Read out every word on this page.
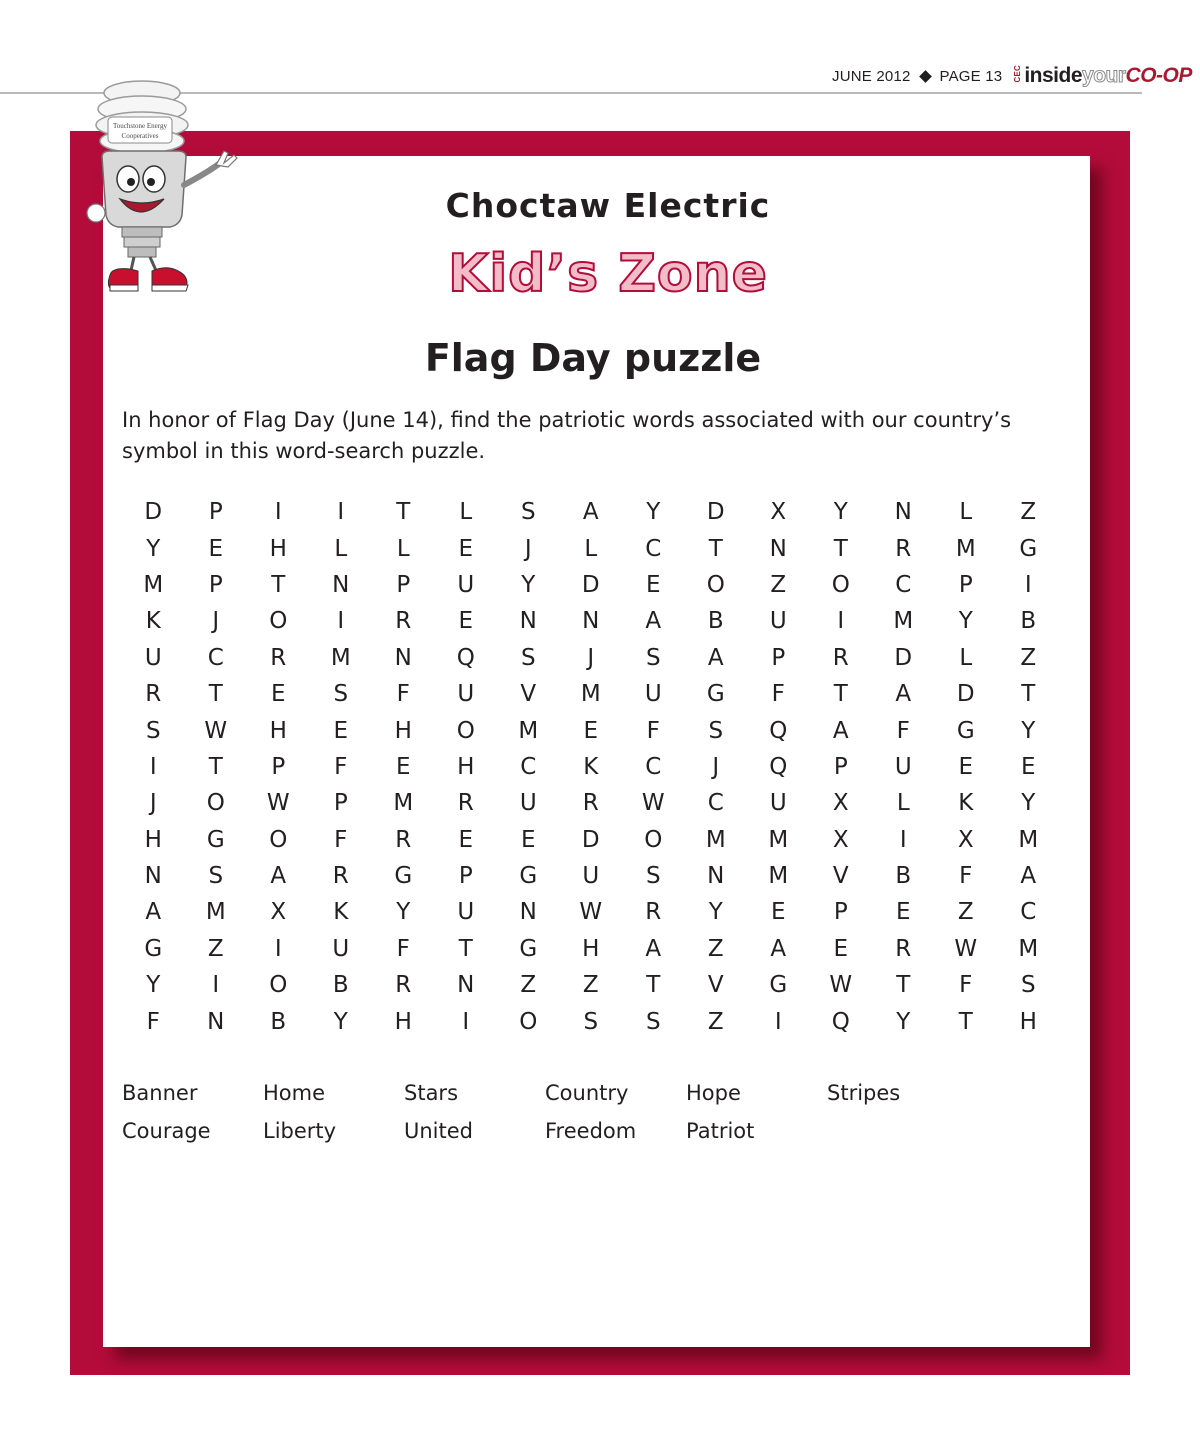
JUNE 2012 PAGE 13 CEC inside your CO-OP
Touchstone Energy
Cooperatives
Choctaw Electric
Kid’s Zone
Flag Day puzzle
In honor of Flag Day (June 14), find the patriotic words associated with our country’s symbol in this word-search puzzle.
D	P	I	I	T	L	S	A	Y	D	X	Y	N	L	Z
Y	E	H	L	L	E	J	L	C	T	N	T	R	M	G
M	P	T	N	P	U	Y	D	E	O	Z	O	C	P	I
K	J	O	I	R	E	N	N	A	B	U	I	M	Y	B
U	C	R	M	N	Q	S	J	S	A	P	R	D	L	Z
R	T	E	S	F	U	V	M	U	G	F	T	A	D	T
S	W	H	E	H	O	M	E	F	S	Q	A	F	G	Y
I	T	P	F	E	H	C	K	C	J	Q	P	U	E	E
J	O	W	P	M	R	U	R	W	C	U	X	L	K	Y
H	G	O	F	R	E	E	D	O	M	M	X	I	X	M
N	S	A	R	G	P	G	U	S	N	M	V	B	F	A
A	M	X	K	Y	U	N	W	R	Y	E	P	E	Z	C
G	Z	I	U	F	T	G	H	A	Z	A	E	R	W	M
Y	I	O	B	R	N	Z	Z	T	V	G	W	T	F	S
F	N	B	Y	H	I	O	S	S	Z	I	Q	Y	T	H
Banner	Home	Stars	Country	Hope	Stripes
Courage	Liberty	United	Freedom	Patriot
